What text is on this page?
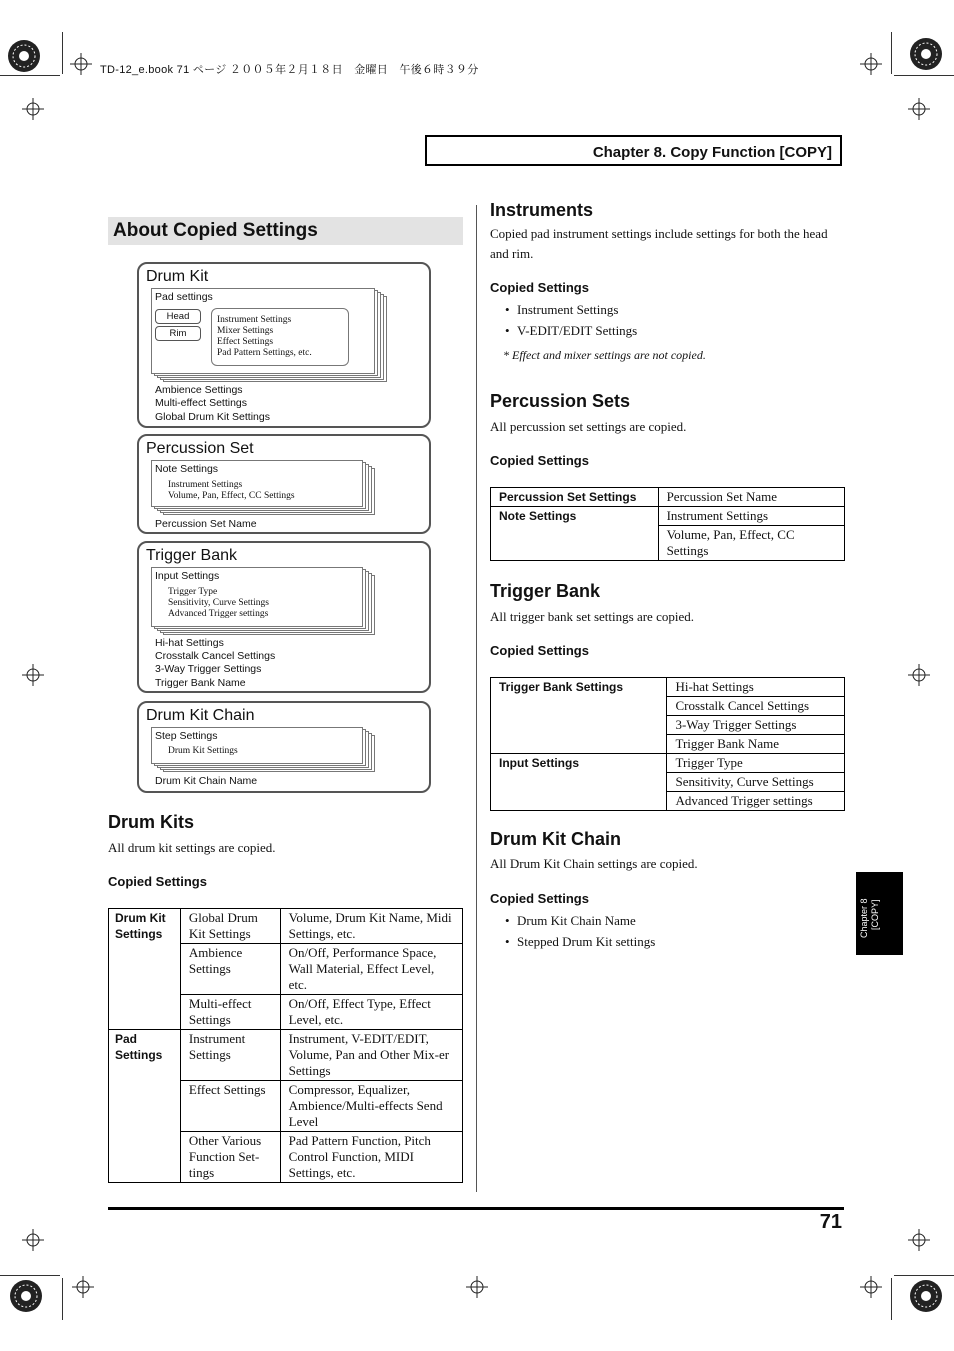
TD-12_e.book 71 ページ ２００５年２月１８日　金曜日　午後６時３９分
Chapter 8. Copy Function [COPY]
About Copied Settings
Drum Kit
Pad settings
Head
Rim
Instrument Settings
Mixer Settings
Effect Settings
Pad Pattern Settings, etc.
Ambience Settings
Multi-effect Settings
Global Drum Kit Settings
Percussion Set
Note Settings
Instrument Settings
Volume, Pan, Effect, CC Settings
Percussion Set Name
Trigger Bank
Input Settings
Trigger Type
Sensitivity, Curve Settings
Advanced Trigger settings
Hi-hat Settings
Crosstalk Cancel Settings
3-Way Trigger Settings
Trigger Bank Name
Drum Kit Chain
Step Settings
Drum Kit Settings
Drum Kit Chain Name
Drum Kits
All drum kit settings are copied.
Copied Settings
Drum Kit Settings	Global Drum Kit Settings	Volume, Drum Kit Name, Midi Settings, etc.
	Ambience Settings	On/Off, Performance Space, Wall Material, Effect Level, etc.
	Multi-effect Settings	On/Off, Effect Type, Effect Level, etc.
Pad Settings	Instrument Settings	Instrument, V-EDIT/EDIT, Volume, Pan and Other Mix-er Settings
	Effect Settings	Compressor, Equalizer, Ambience/Multi-effects Send Level
	Other Various Function Set-tings	Pad Pattern Function, Pitch Control Function, MIDI Settings, etc.
Instruments
Copied pad instrument settings include settings for both the head and rim.
Copied Settings
• Instrument Settings
• V-EDIT/EDIT Settings
* Effect and mixer settings are not copied.
Percussion Sets
All percussion set settings are copied.
Copied Settings
Percussion Set Settings	Percussion Set Name
Note Settings	Instrument Settings
	Volume, Pan, Effect, CC Settings
Trigger Bank
All trigger bank set settings are copied.
Copied Settings
Trigger Bank Settings	Hi-hat Settings
	Crosstalk Cancel Settings
	3-Way Trigger Settings
	Trigger Bank Name
Input Settings	Trigger Type
	Sensitivity, Curve Settings
	Advanced Trigger settings
Drum Kit Chain
All Drum Kit Chain settings are copied.
Copied Settings
• Drum Kit Chain Name
• Stepped Drum Kit settings
Chapter 8 [COPY]
71
